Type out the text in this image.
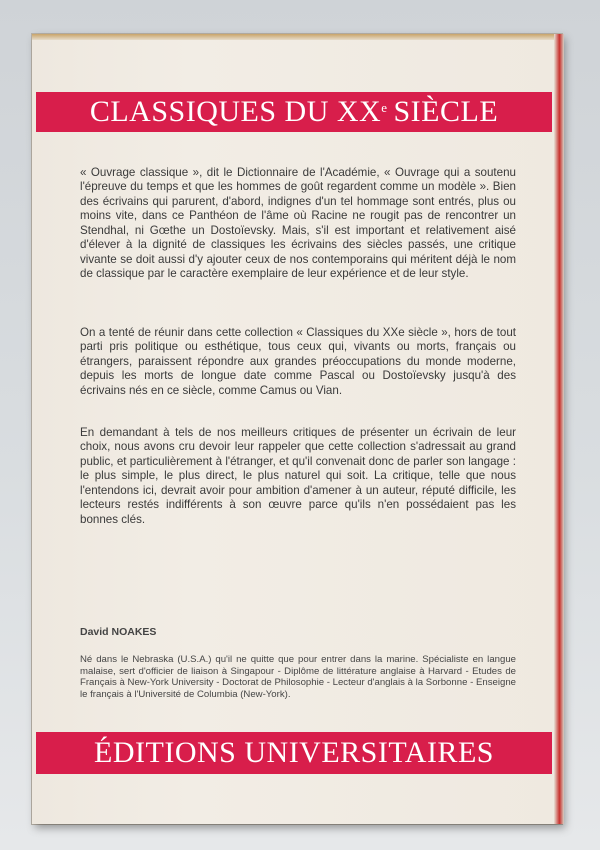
CLASSIQUES DU XXe SIÈCLE

« Ouvrage classique », dit le Dictionnaire de l'Académie, « Ouvrage qui a soutenu l'épreuve du temps et que les hommes de goût regardent comme un modèle ». Bien des écrivains qui parurent, d'abord, indignes d'un tel hommage sont entrés, plus ou moins vite, dans ce Panthéon de l'âme où Racine ne rougit pas de rencontrer un Stendhal, ni Gœthe un Dostoïevsky. Mais, s'il est important et relativement aisé d'élever à la dignité de classiques les écrivains des siècles passés, une critique vivante se doit aussi d'y ajouter ceux de nos contemporains qui méritent déjà le nom de classique par le caractère exemplaire de leur expérience et de leur style.

On a tenté de réunir dans cette collection « Classiques du XXe siècle », hors de tout parti pris politique ou esthétique, tous ceux qui, vivants ou morts, français ou étrangers, paraissent répondre aux grandes préoccupations du monde moderne, depuis les morts de longue date comme Pascal ou Dostoïevsky jusqu'à des écrivains nés en ce siècle, comme Camus ou Vian.

En demandant à tels de nos meilleurs critiques de présenter un écrivain de leur choix, nous avons cru devoir leur rappeler que cette collection s'adressait au grand public, et particulièrement à l'étranger, et qu'il convenait donc de parler son langage : le plus simple, le plus direct, le plus naturel qui soit. La critique, telle que nous l'entendons ici, devrait avoir pour ambition d'amener à un auteur, réputé difficile, les lecteurs restés indifférents à son œuvre parce qu'ils n'en possédaient pas les bonnes clés.

David NOAKES
Né dans le Nebraska (U.S.A.) qu'il ne quitte que pour entrer dans la marine. Spécialiste en langue malaise, sert d'officier de liaison à Singapour - Diplôme de littérature anglaise à Harvard - Etudes de Français à New-York University - Doctorat de Philosophie - Lecteur d'anglais à la Sorbonne - Enseigne le français à l'Université de Columbia (New-York).
ÉDITIONS UNIVERSITAIRES
